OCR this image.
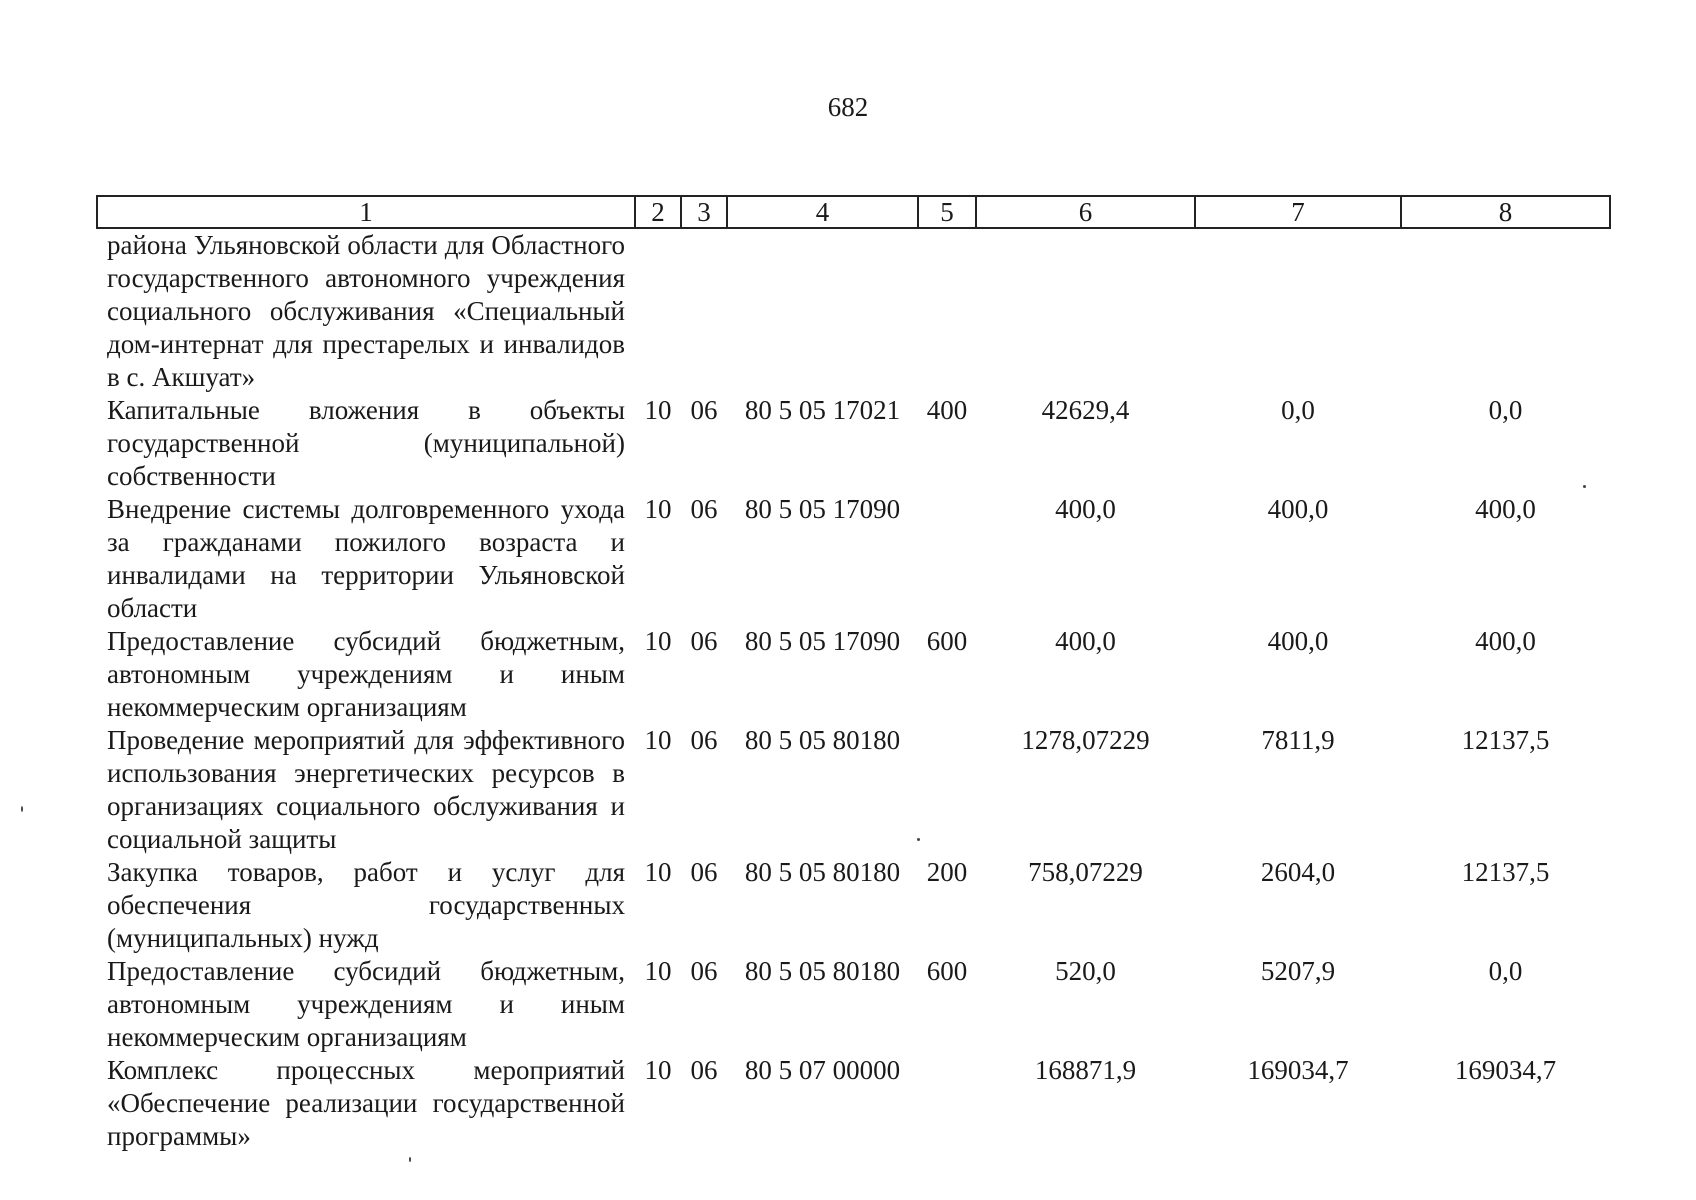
682
1	2	3	4	5	6	7	8
района Ульяновской области для Областного государственного автономного учреждения социального обслуживания «Специальный дом-интернат для престарелых и инвалидов в с. Акшуат»							
Капитальные вложения в объекты государственной (муниципальной) собственности	10	06	80 5 05 17021	400	42629,4	0,0	0,0
Внедрение системы долговременного ухода за гражданами пожилого возраста и инвалидами на территории Ульяновской области	10	06	80 5 05 17090		400,0	400,0	400,0
Предоставление субсидий бюджетным, автономным учреждениям и иным некоммерческим организациям	10	06	80 5 05 17090	600	400,0	400,0	400,0
Проведение мероприятий для эффективного использования энергетических ресурсов в организациях социального обслуживания и социальной защиты	10	06	80 5 05 80180		1278,07229	7811,9	12137,5
Закупка товаров, работ и услуг для обеспечения государственных (муниципальных) нужд	10	06	80 5 05 80180	200	758,07229	2604,0	12137,5
Предоставление субсидий бюджетным, автономным учреждениям и иным некоммерческим организациям	10	06	80 5 05 80180	600	520,0	5207,9	0,0
Комплекс процессных мероприятий «Обеспечение реализации государственной программы»	10	06	80 5 07 00000		168871,9	169034,7	169034,7
